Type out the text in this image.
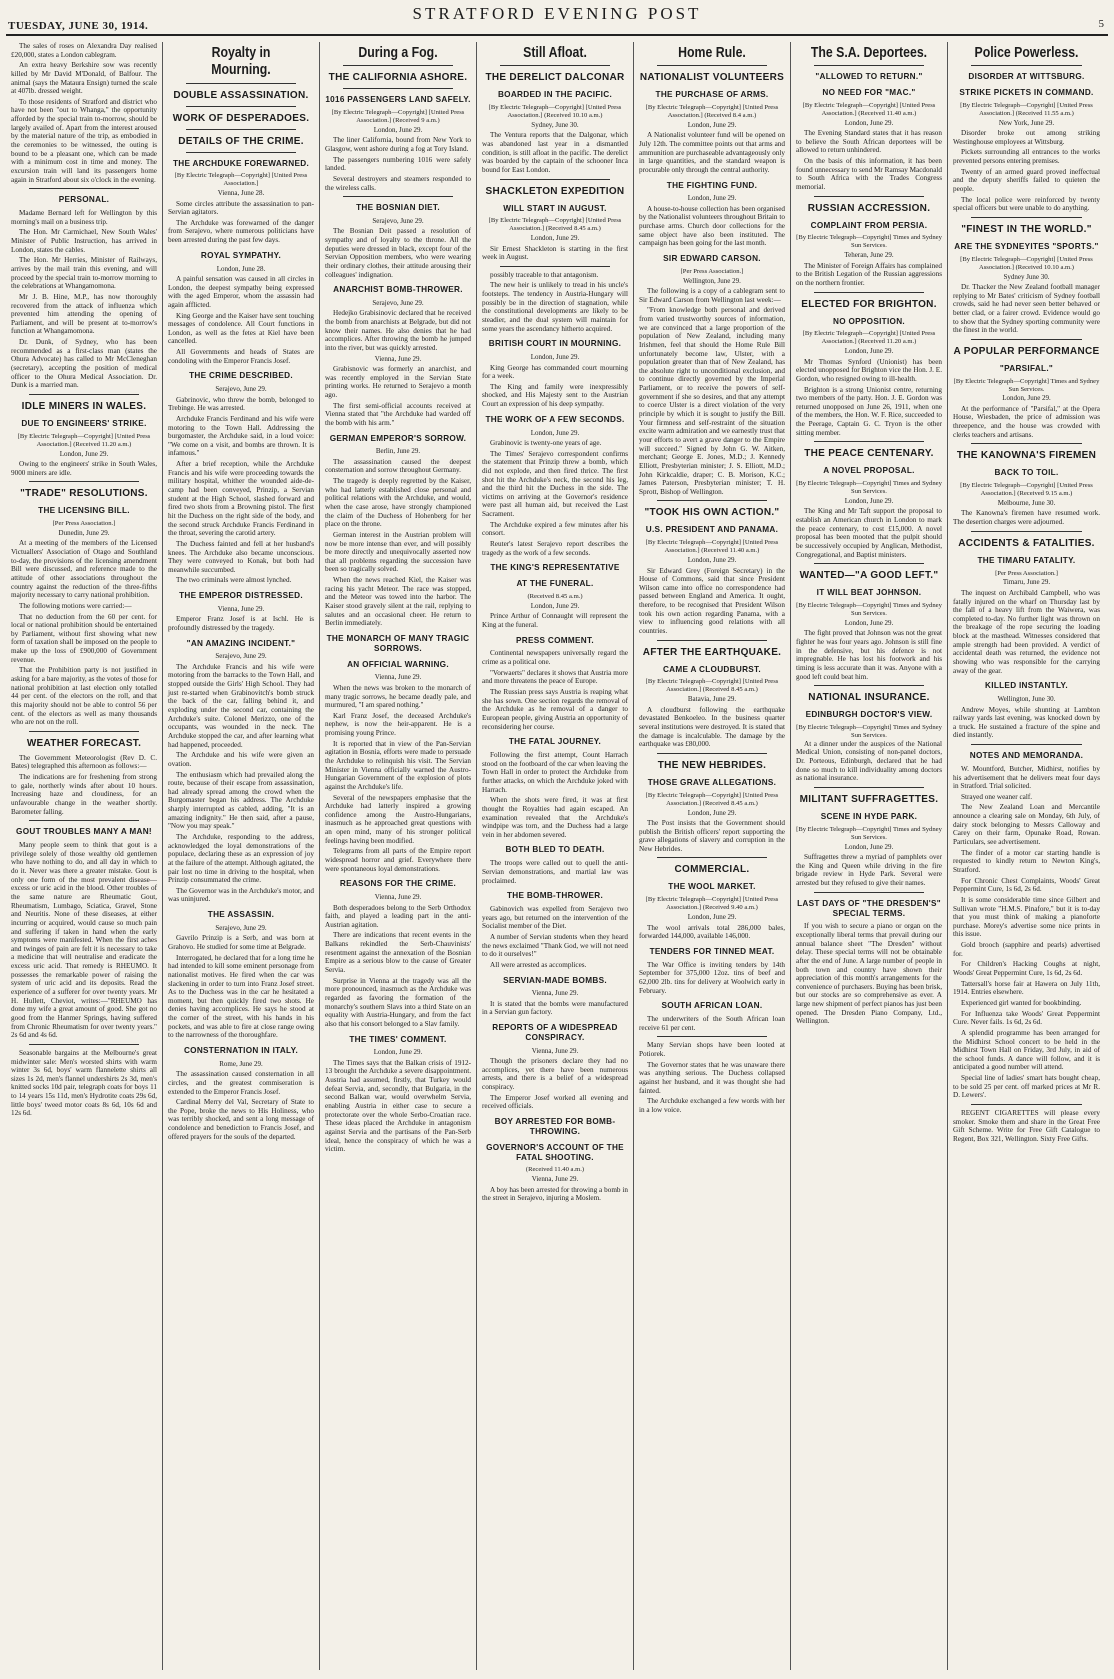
TUESDAY, JUNE 30, 1914.
STRATFORD EVENING POST
5

The sales of roses on Alexandra Day realised £20,000, states a London cablegram.

An extra heavy Berkshire sow was recently killed by Mr David M'Donald, of Balfour. The animal (says the Mataura Ensign) turned the scale at 407lb. dressed weight.

To those residents of Stratford and district who have not been "out to Whanga," the opportunity afforded by the special train to-morrow, should be largely availed of. Apart from the interest aroused by the material nature of the trip, as embodied in the ceremonies to be witnessed, the outing is bound to be a pleasant one, which can be made with a minimum cost in time and money. The excursion train will land its passengers home again in Stratford about six o'clock in the evening.

PERSONAL.

Madame Bernard left for Wellington by this morning's mail on a business trip.

The Hon. Mr Carmichael, New South Wales' Minister of Public Instruction, has arrived in London, states the cables.

The Hon. Mr Herries, Minister of Railways, arrives by the mail train this evening, and will proceed by the special train to-morrow morning to the celebrations at Whangamomona.

Mr J. B. Hine, M.P., has now thoroughly recovered from the attack of influenza which prevented him attending the opening of Parliament, and will be present at to-morrow's function at Whangamomona.

Dr. Dunk, of Sydney, who has been recommended as a first-class man (states the Ohura Advocate) has called to Mr McCleneghan (secretary), accepting the position of medical officer to the Ohura Medical Association. Dr. Dunk is a married man.

IDLE MINERS IN WALES.
DUE TO ENGINEERS' STRIKE.
[By Electric Telegraph—Copyright] [United Press Association.] (Received 11.20 a.m.)
London, June 29.

Owing to the engineers' strike in South Wales, 9000 miners are idle.

"TRADE" RESOLUTIONS.
THE LICENSING BILL.
[Per Press Association.]
Dunedin, June 29.

At a meeting of the members of the Licensed Victuallers' Association of Otago and Southland to-day, the provisions of the licensing amendment Bill were discussed, and reference made to the attitude of other associations throughout the country against the reduction of the three-fifths majority necessary to carry national prohibition.

The following motions were carried:—

That no deduction from the 60 per cent. for local or national prohibition should be entertained by Parliament, without first showing what new form of taxation shall be imposed on the people to make up the loss of £900,000 of Government revenue.

That the Prohibition party is not justified in asking for a bare majority, as the votes of those for national prohibition at last election only totalled 44 per cent. of the electors on the roll, and that this majority should not be able to control 56 per cent. of the electors as well as many thousands who are not on the roll.

WEATHER FORECAST.

The Government Meteorologist (Rev D. C. Bates) telegraphed this afternoon as follows:—

The indications are for freshening from strong to gale, northerly winds after about 10 hours. Increasing haze and cloudiness, for an unfavourable change in the weather shortly. Barometer falling.

GOUT TROUBLES MANY A MAN!

Many people seem to think that gout is a privilege solely of those wealthy old gentlemen who have nothing to do, and all day in which to do it. Never was there a greater mistake. Gout is only one form of the most prevalent disease—excess or uric acid in the blood. Other troubles of the same nature are Rheumatic Gout, Rheumatism, Lumbago, Sciatica, Gravel, Stone and Neuritis. None of these diseases, at either incurring or acquired, would cause so much pain and suffering if taken in hand when the early symptoms were manifested. When the first aches and twinges of pain are felt it is necessary to take a medicine that will neutralise and eradicate the excess uric acid. That remedy is RHEUMO. It possesses the remarkable power of raising the system of uric acid and its deposits. Read the experience of a sufferer for over twenty years. Mr H. Hullett, Cheviot, writes:—"RHEUMO has done my wife a great amount of good. She got no good from the Hanmer Springs, having suffered from Chronic Rheumatism for over twenty years." 2s 6d and 4s 6d.

Seasonable bargains at the Melbourne's great midwinter sale: Men's worsted shirts with warm winter 3s 6d, boys' warm flannelette shirts all sizes 1s 2d, men's flannel undershirts 2s 3d, men's knitted socks 10d pair, telegraph coats for boys 11 to 14 years 15s 11d, men's Hydrotite coats 29s 6d, little boys' tweed motor coats 8s 6d, 10s 6d and 12s 6d.

Royalty in Mourning.
DOUBLE ASSASSINATION.
WORK OF DESPERADOES.
DETAILS OF THE CRIME.
THE ARCHDUKE FOREWARNED.
[By Electric Telegraph—Copyright] [United Press Association.]
Vienna, June 28.

Some circles attribute the assassination to pan-Servian agitators.

The Archduke was forewarned of the danger from Serajevo, where numerous politicians have been arrested during the past few days.

ROYAL SYMPATHY.
London, June 28.

A painful sensation was caused in all circles in London, the deepest sympathy being expressed with the aged Emperor, whom the assassin had again afflicted.

King George and the Kaiser have sent touching messages of condolence. All Court functions in London, as well as the fetes at Kiel have been cancelled.

All Governments and heads of States are condoling with the Emperor Francis Josef.

THE CRIME DESCRIBED.
Serajevo, June 29.

Gabrinovic, who threw the bomb, belonged to Trebinge. He was arrested.

Archduke Francis Ferdinand and his wife were motoring to the Town Hall. Addressing the burgomaster, the Archduke said, in a loud voice: "We come on a visit, and bombs are thrown. It is infamous."

After a brief reception, while the Archduke Francis and his wife were proceeding towards the military hospital, whither the wounded aide-de-camp had been conveyed, Prinzip, a Servian student at the High School, slashed forward and fired two shots from a Browning pistol. The first hit the Duchess on the right side of the body, and the second struck Archduke Francis Ferdinand in the throat, severing the carotid artery.

The Duchess fainted and fell at her husband's knees. The Archduke also became unconscious. They were conveyed to Konak, but both had meanwhile succumbed.

The two criminals were almost lynched.

THE EMPEROR DISTRESSED.
Vienna, June 29.

Emperor Franz Josef is at Ischl. He is profoundly distressed by the tragedy.

"AN AMAZING INCIDENT."
Serajevo, June 29.

The Archduke Francis and his wife were motoring from the barracks to the Town Hall, and stopped outside the Girls' High School. They had just re-started when Grabinovitch's bomb struck the back of the car, falling behind it, and exploding under the second car, containing the Archduke's suite. Colonel Merizzo, one of the occupants, was wounded in the neck. The Archduke stopped the car, and after learning what had happened, proceeded.

The Archduke and his wife were given an ovation.

The enthusiasm which had prevailed along the route, because of their escape from assassination, had already spread among the crowd when the Burgomaster began his address. The Archduke sharply interrupted as cabled, adding, "It is an amazing indignity." He then said, after a pause, "Now you may speak."

The Archduke, responding to the address, acknowledged the loyal demonstrations of the populace, declaring these as an expression of joy at the failure of the attempt. Although agitated, the pair lost no time in driving to the hospital, when Prinzip consummated the crime.

The Governor was in the Archduke's motor, and was uninjured.

THE ASSASSIN.
Serajevo, June 29.

Gavrilo Prinzip is a Serb, and was born at Grahovo. He studied for some time at Belgrade.

Interrogated, he declared that for a long time he had intended to kill some eminent personage from nationalist motives. He fired when the car was slackening in order to turn into Franz Josef street. As to the Duchess was in the car he hesitated a moment, but then quickly fired two shots. He denies having accomplices. He says he stood at the corner of the street, with his hands in his pockets, and was able to fire at close range owing to the narrowness of the thoroughfare.

CONSTERNATION IN ITALY.
Rome, June 29.

The assassination caused consternation in all circles, and the greatest commiseration is extended to the Emperor Francis Josef.

Cardinal Merry del Val, Secretary of State to the Pope, broke the news to His Holiness, who was terribly shocked, and sent a long message of condolence and benediction to Francis Josef, and offered prayers for the souls of the departed.

During a Fog.
THE CALIFORNIA ASHORE.
1016 PASSENGERS LAND SAFELY.
[By Electric Telegraph—Copyright] [United Press Association.] (Received 9 a.m.)
London, June 29.

The liner California, bound from New York to Glasgow, went ashore during a fog at Tory Island.

The passengers numbering 1016 were safely landed.

Several destroyers and steamers responded to the wireless calls.

THE BOSNIAN DIET.
Serajevo, June 29.

The Bosnian Deit passed a resolution of sympathy and of loyalty to the throne. All the deputies were dressed in black, except four of the Servian Opposition members, who were wearing their ordinary clothes, their attitude arousing their colleagues' indignation.

ANARCHIST BOMB-THROWER.
Serajevo, June 29.

Hedejko Grabisinovic declared that he received the bomb from anarchists at Belgrade, but did not know their names. He also denies that he had accomplices. After throwing the bomb he jumped into the river, but was quickly arrested.

Vienna, June 29.

Grabisnovic was formerly an anarchist, and was recently employed in the Servian State printing works. He returned to Serajevo a month ago.

The first semi-official accounts received at Vienna stated that "the Archduke had warded off the bomb with his arm."

GERMAN EMPEROR'S SORROW.
Berlin, June 29.

The assassination caused the deepest consternation and sorrow throughout Germany.

The tragedy is deeply regretted by the Kaiser, who had latterly established close personal and political relations with the Archduke, and would, when the case arose, have strongly championed the claim of the Duchess of Hohenberg for her place on the throne.

German interest in the Austrian problem will now be more intense than ever, and will possibly be more directly and unequivocally asserted now that all problems regarding the succession have been so tragically solved.

When the news reached Kiel, the Kaiser was racing his yacht Meteor. The race was stopped, and the Meteor was towed into the harbor. The Kaiser stood gravely silent at the rail, replying to salutes and an occasional cheer. He return to Berlin immediately.

THE MONARCH OF MANY TRAGIC SORROWS.
AN OFFICIAL WARNING.
Vienna, June 29.

When the news was broken to the monarch of many tragic sorrows, he became deadly pale, and murmured, "I am spared nothing."

Karl Franz Josef, the deceased Archduke's nephew, is now the heir-apparent. He is a promising young Prince.

It is reported that in view of the Pan-Servian agitation in Bosnia, efforts were made to persuade the Archduke to relinquish his visit. The Servian Minister in Vienna officially warned the Austro-Hungarian Government of the explosion of plots against the Archduke's life.

Several of the newspapers emphasise that the Archduke had latterly inspired a growing confidence among the Austro-Hungarians, inasmuch as he approached great questions with an open mind, many of his stronger political feelings having been modified.

Telegrams from all parts of the Empire report widespread horror and grief. Everywhere there were spontaneous loyal demonstrations.

REASONS FOR THE CRIME.
Vienna, June 29.

Both desperadoes belong to the Serb Orthodox faith, and played a leading part in the anti-Austrian agitation.

There are indications that recent events in the Balkans rekindled the Serb-Chauvinists' resentment against the annexation of the Bosnian Empire as a serious blow to the cause of Greater Servia.

Surprise in Vienna at the tragedy was all the more pronounced, inasmuch as the Archduke was regarded as favoring the formation of the monarchy's southern Slavs into a third State on an equality with Austria-Hungary, and from the fact also that his consort belonged to a Slav family.

THE TIMES' COMMENT.
London, June 29.

The Times says that the Balkan crisis of 1912-13 brought the Archduke a severe disappointment. Austria had assumed, firstly, that Turkey would defeat Servia, and, secondly, that Bulgaria, in the second Balkan war, would overwhelm Servia, enabling Austria in either case to secure a protectorate over the whole Serbo-Croatian race. These ideas placed the Archduke in antagonism against Servia and the partisans of the Pan-Serb ideal, hence the conspiracy of which he was a victim.

Still Afloat.
THE DERELICT DALCONAR
BOARDED IN THE PACIFIC.
[By Electric Telegraph—Copyright] [United Press Association.] (Received 10.10 a.m.)
Sydney, June 30.

The Ventura reports that the Dalgonar, which was abandoned last year in a dismantled condition, is still afloat in the pacific. The derelict was boarded by the captain of the schooner Inca bound for East London.

SHACKLETON EXPEDITION
WILL START IN AUGUST.
[By Electric Telegraph—Copyright] [United Press Association.] (Received 8.45 a.m.)
London, June 29.

Sir Ernest Shackleton is starting in the first week in August.

possibly traceable to that antagonism.

The new heir is unlikely to tread in his uncle's footsteps. The tendency in Austria-Hungary will possibly be in the direction of stagnation, while the constitutional developments are likely to be steadier, and the dual system will maintain for some years the ascendancy hitherto acquired.

BRITISH COURT IN MOURNING.
London, June 29.

King George has commanded court mourning for a week.

The King and family were inexpressibly shocked, and His Majesty sent to the Austrian Court an expression of his deep sympathy.

THE WORK OF A FEW SECONDS.
London, June 29.

Grabinovic is twenty-one years of age.

The Times' Serajevo correspondent confirms the statement that Prinzip threw a bomb, which did not explode, and then fired thrice. The first shot hit the Archduke's neck, the second his leg, and the third hit the Duchess in the side. The victims on arriving at the Governor's residence were past all human aid, but received the Last Sacrament.

The Archduke expired a few minutes after his consort.

Reuter's latest Serajevo report describes the tragedy as the work of a few seconds.

THE KING'S REPRESENTATIVE
AT THE FUNERAL.
(Received 8.45 a.m.)
London, June 29.

Prince Arthur of Connaught will represent the King at the funeral.

PRESS COMMENT.

Continental newspapers universally regard the crime as a political one.

"Vorwaerts" declares it shows that Austria more and more threatens the peace of Europe.

The Russian press says Austria is reaping what she has sown. One section regards the removal of the Archduke as he removal of a danger to European people, giving Austria an opportunity of reconsidering her course.

THE FATAL JOURNEY.

Following the first attempt, Count Harrach stood on the footboard of the car when leaving the Town Hall in order to protect the Archduke from further attacks, on which the Archduke joked with Harrach.

When the shots were fired, it was at first thought the Royalties had again escaped. An examination revealed that the Archduke's windpipe was torn, and the Duchess had a large vein in her abdomen severed.

BOTH BLED TO DEATH.

The troops were called out to quell the anti-Servian demonstrations, and martial law was proclaimed.

THE BOMB-THROWER.

Gabinovich was expelled from Serajevo two years ago, but returned on the intervention of the Socialist member of the Diet.

A number of Servian students when they heard the news exclaimed "Thank God, we will not need to do it ourselves!"

All were arrested as accomplices.

SERVIAN-MADE BOMBS.
Vienna, June 29.

It is stated that the bombs were manufactured in a Servian gun factory.

REPORTS OF A WIDESPREAD CONSPIRACY.
Vienna, June 29.

Though the prisoners declare they had no accomplices, yet there have been numerous arrests, and there is a belief of a widespread conspiracy.

The Emperor Josef worked all evening and received officials.

BOY ARRESTED FOR BOMB-THROWING.
GOVERNOR'S ACCOUNT OF THE FATAL SHOOTING.
(Received 11.40 a.m.)
Vienna, June 29.

A boy has been arrested for throwing a bomb in the street in Serajevo, injuring a Moslem.

Home Rule.
NATIONALIST VOLUNTEERS
THE PURCHASE OF ARMS.
[By Electric Telegraph—Copyright] [United Press Association.] (Received 8.4 a.m.)
London, June 29.

A Nationalist volunteer fund will be opened on July 12th. The committee points out that arms and ammunition are purchaseable advantageously only in large quantities, and the standard weapon is procurable only through the central authority.

THE FIGHTING FUND.
London, June 29.

A house-to-house collection has been organised by the Nationalist volunteers throughout Britain to purchase arms. Church door collections for the same object have also been instituted. The campaign has been going for the last month.

SIR EDWARD CARSON.
[Per Press Association.]
Wellington, June 29.

The following is a copy of a cablegram sent to Sir Edward Carson from Wellington last week:—

"From knowledge both personal and derived from varied trustworthy sources of information, we are convinced that a large proportion of the population of New Zealand, including many Irishmen, feel that should the Home Rule Bill unfortunately become law, Ulster, with a population greater than that of New Zealand, has the absolute right to unconditional exclusion, and to continue directly governed by the Imperial Parliament, or to receive the powers of self-government if she so desires, and that any attempt to coerce Ulster is a direct violation of the very principle by which it is sought to justify the Bill. Your firmness and self-restraint of the situation excite warm admiration and we earnestly trust that your efforts to avert a grave danger to the Empire will succeed." Signed by John G. W. Aitken, merchant; George E. Jones, M.D.; J. Kennedy Elliott, Presbyterian minister; J. S. Elliott, M.D.; John Kirkcaldie, draper; C. B. Morison, K.C.; James Paterson, Presbyterian minister; T. H. Sprott, Bishop of Wellington.

"TOOK HIS OWN ACTION."
U.S. PRESIDENT AND PANAMA.
[By Electric Telegraph—Copyright] [United Press Association.] (Received 11.40 a.m.)
London, June 29.

Sir Edward Grey (Foreign Secretary) in the House of Commons, said that since President Wilson came into office no correspondence had passed between England and America. It ought, therefore, to be recognised that President Wilson took his own action regarding Panama, with a view to influencing good relations with all countries.

AFTER THE EARTHQUAKE.
CAME A CLOUDBURST.
[By Electric Telegraph—Copyright] [United Press Association.] (Received 8.45 a.m.)
Batavia, June 29.

A cloudburst following the earthquake devastated Benkoeleo. In the business quarter several institutions were destroyed. It is stated that the damage is incalculable. The damage by the earthquake was £80,000.

THE NEW HEBRIDES.
THOSE GRAVE ALLEGATIONS.
[By Electric Telegraph—Copyright] [United Press Association.] (Received 8.45 a.m.)
London, June 29.

The Post insists that the Government should publish the British officers' report supporting the grave allegations of slavery and corruption in the New Hebrides.

COMMERCIAL.
THE WOOL MARKET.
[By Electric Telegraph—Copyright] [United Press Association.] (Received 9.40 a.m.)
London, June 29.

The wool arrivals total 286,000 bales, forwarded 144,000, available 146,000.

TENDERS FOR TINNED MEAT.

The War Office is inviting tenders by 14th September for 375,000 12oz. tins of beef and 62,000 2lb. tins for delivery at Woolwich early in February.

SOUTH AFRICAN LOAN.

The underwriters of the South African loan receive 61 per cent.

Many Servian shops have been looted at Potiorek.

The Governor states that he was unaware there was anything serious. The Duchess collapsed against her husband, and it was thought she had fainted.

The Archduke exchanged a few words with her in a low voice.

The S.A. Deportees.
"ALLOWED TO RETURN."
NO NEED FOR "MAC."
[By Electric Telegraph—Copyright] [United Press Association.] (Received 11.40 a.m.)
London, June 29.

The Evening Standard states that it has reason to believe the South African deportees will be allowed to return unhindered.

On the basis of this information, it has been found unnecessary to send Mr Ramsay Macdonald to South Africa with the Trades Congress memorial.

RUSSIAN ACCRESSION.
COMPLAINT FROM PERSIA.
[By Electric Telegraph—Copyright] Times and Sydney Sun Services.
Teheran, June 29.

The Minister of Foreign Affairs has complained to the British Legation of the Russian aggressions on the northern frontier.

ELECTED FOR BRIGHTON.
NO OPPOSITION.
[By Electric Telegraph—Copyright] [United Press Association.] (Received 11.20 a.m.)
London, June 29.

Mr Thomas Synford (Unionist) has been elected unopposed for Brighton vice the Hon. J. E. Gordon, who resigned owing to ill-health.

Brighton is a strong Unionist centre, returning two members of the party. Hon. J. E. Gordon was returned unopposed on June 26, 1911, when one of the members, the Hon. W. F. Rice, succeeded to the Peerage, Captain G. C. Tryon is the other sitting member.

THE PEACE CENTENARY.
A NOVEL PROPOSAL.
[By Electric Telegraph—Copyright] Times and Sydney Sun Services.
London, June 29.

The King and Mr Taft support the proposal to establish an American church in London to mark the peace centenary, to cost £15,000. A novel proposal has been mooted that the pulpit should be successively occupied by Anglican, Methodist, Congregational, and Baptist ministers.

WANTED—"A GOOD LEFT."
IT WILL BEAT JOHNSON.
[By Electric Telegraph—Copyright] Times and Sydney Sun Services.
London, June 29.

The fight proved that Johnson was not the great fighter he was four years ago. Johnson is still fine in the defensive, but his defence is not impregnable. He has lost his footwork and his timing is less accurate than it was. Anyone with a good left could beat him.

NATIONAL INSURANCE.
EDINBURGH DOCTOR'S VIEW.
[By Electric Telegraph—Copyright] Times and Sydney Sun Services.

At a dinner under the auspices of the National Medical Union, consisting of non-panel doctors, Dr. Porteous, Edinburgh, declared that he had done so much to kill individuality among doctors as national insurance.

MILITANT SUFFRAGETTES.
SCENE IN HYDE PARK.
[By Electric Telegraph—Copyright] Times and Sydney Sun Services.
London, June 29.

Suffragettes threw a myriad of pamphlets over the King and Queen while driving in the fire brigade review in Hyde Park. Several were arrested but they refused to give their names.

LAST DAYS OF "THE DRESDEN'S" SPECIAL TERMS.

If you wish to secure a piano or organ on the exceptionally liberal terms that prevail during our annual balance sheet "The Dresden" without delay. These special terms will not be obtainable after the end of June. A large number of people in both town and country have shown their appreciation of this month's arrangements for the convenience of purchasers. Buying has been brisk, but our stocks are so comprehensive as ever. A large new shipment of perfect pianos has just been opened. The Dresden Piano Company, Ltd., Wellington.

Police Powerless.
DISORDER AT WITTSBURG.
STRIKE PICKETS IN COMMAND.
[By Electric Telegraph—Copyright] [United Press Association.] (Received 11.55 a.m.)
New York, June 29.

Disorder broke out among striking Westinghouse employees at Wittsburg.

Pickets surrounding all entrances to the works prevented persons entering premises.

Twenty of an armed guard proved ineffectual and the deputy sheriffs failed to quieten the people.

The local police were reinforced by twenty special officers but were unable to do anything.

"FINEST IN THE WORLD."
ARE THE SYDNEYITES "SPORTS."
[By Electric Telegraph—Copyright] [United Press Association.] (Received 10.10 a.m.)
Sydney June 30.

Dr. Thacker the New Zealand football manager replying to Mr Bates' criticism of Sydney football crowds, said he had never seen better behaved or better clad, or a fairer crowd. Evidence would go to show that the Sydney sporting community were the finest in the world.

A POPULAR PERFORMANCE
"PARSIFAL."
[By Electric Telegraph—Copyright] Times and Sydney Sun Services.
London, June 29.

At the performance of "Parsifal," at the Opera House, Wiesbaden, the price of admission was threepence, and the house was crowded with clerks teachers and artisans.

THE KANOWNA'S FIREMEN
BACK TO TOIL.
[By Electric Telegraph—Copyright] [United Press Association.] (Received 9.15 a.m.)
Melbourne, June 30.

The Kanowna's firemen have resumed work. The desertion charges were adjourned.

ACCIDENTS & FATALITIES.
THE TIMARU FATALITY.
[Per Press Association.]
Timaru, June 29.

The inquest on Archibald Campbell, who was fatally injured on the wharf on Thursday last by the fall of a heavy lift from the Waiwera, was completed to-day. No further light was thrown on the breakage of the rope securing the loading block at the masthead. Witnesses considered that ample strength had been provided. A verdict of accidental death was returned, the evidence not showing who was responsible for the carrying away of the gear.

KILLED INSTANTLY.
Wellington, June 30.

Andrew Moyes, while shunting at Lambton railway yards last evening, was knocked down by a truck. He sustained a fracture of the spine and died instantly.

NOTES AND MEMORANDA.

W. Mountford, Butcher, Midhirst, notifies by his advertisement that he delivers meat four days in Stratford. Trial solicited.

Strayed one weaner calf.

The New Zealand Loan and Mercantile announce a clearing sale on Monday, 6th July, of dairy stock belonging to Messrs Calloway and Carey on their farm, Opunake Road, Rowan. Particulars, see advertisement.

The finder of a motor car starting handle is requested to kindly return to Newton King's, Stratford.

For Chronic Chest Complaints, Woods' Great Peppermint Cure, 1s 6d, 2s 6d.

It is some considerable time since Gilbert and Sullivan wrote "H.M.S. Pinafore," but it is to-day that you must think of making a pianoforte purchase. Morey's advertise some nice prints in this issue.

Gold brooch (sapphire and pearls) advertised for.

For Children's Hacking Coughs at night, Woods' Great Peppermint Cure, 1s 6d, 2s 6d.

Tattersall's horse fair at Hawera on July 11th, 1914. Entries elsewhere.

Experienced girl wanted for bookbinding.

For Influenza take Woods' Great Peppermint Cure. Never fails. 1s 6d, 2s 6d.

A splendid programme has been arranged for the Midhirst School concert to be held in the Midhirst Town Hall on Friday, 3rd July, in aid of the school funds. A dance will follow, and it is anticipated a good number will attend.

Special line of ladies' smart hats bought cheap, to be sold 25 per cent. off marked prices at Mr R. D. Lewers'.

REGENT CIGARETTES will please every smoker. Smoke them and share in the Great Free Gift Scheme. Write for Free Gift Catalogue to Regent, Box 321, Wellington. Sixty Free Gifts.
